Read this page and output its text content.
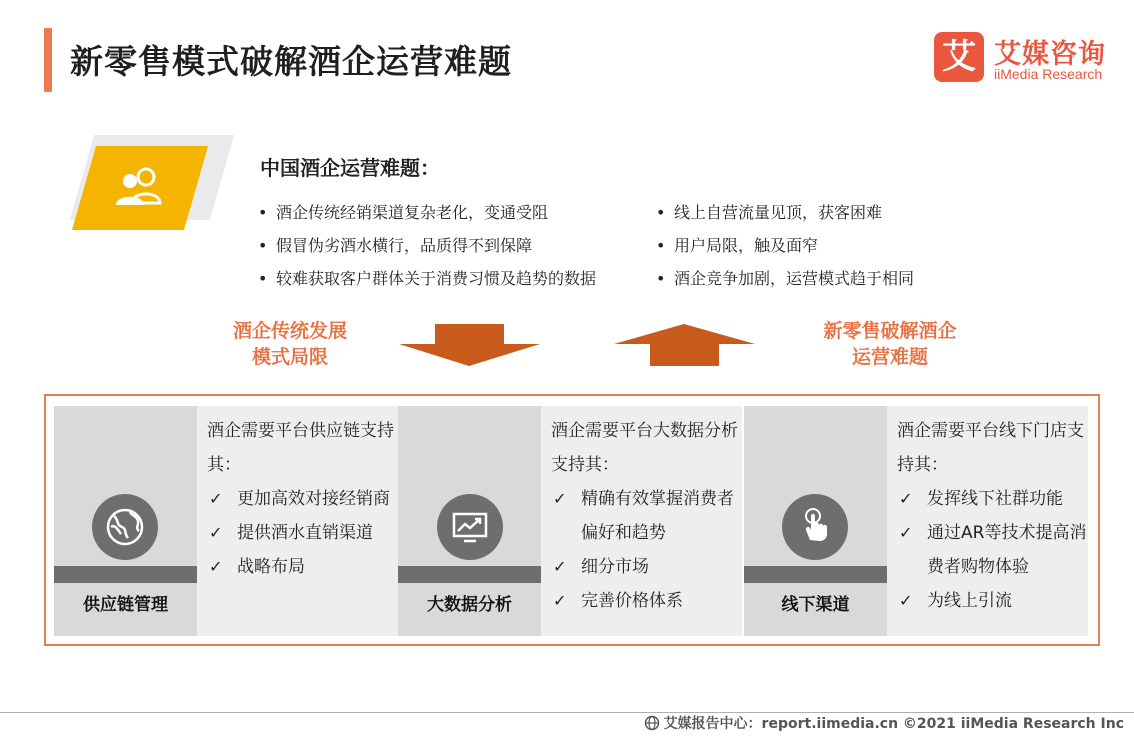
新零售模式破解酒企运营难题	艾 艾媒咨询
iiMedia Research
中国酒企运营难题：
• 酒企传统经销渠道复杂老化，变通受阻
• 假冒伪劣酒水横行，品质得不到保障
• 较难获取客户群体关于消费习惯及趋势的数据
• 线上自营流量见顶，获客困难
• 用户局限，触及面窄
• 酒企竞争加剧，运营模式趋于相同
酒企传统发展
模式局限
新零售破解酒企
运营难题
供应链管理
酒企需要平台供应链支持其：
✓ 更加高效对接经销商
✓ 提供酒水直销渠道
✓ 战略布局
大数据分析
酒企需要平台大数据分析支持其：
✓ 精确有效掌握消费者偏好和趋势
✓ 细分市场
✓ 完善价格体系	线下渠道
酒企需要平台线下门店支持其：
✓ 发挥线下社群功能
✓ 通过AR等技术提高消费者购物体验
✓ 为线上引流
艾媒报告中心：report.iimedia.cn ©2021 iiMedia Research Inc
